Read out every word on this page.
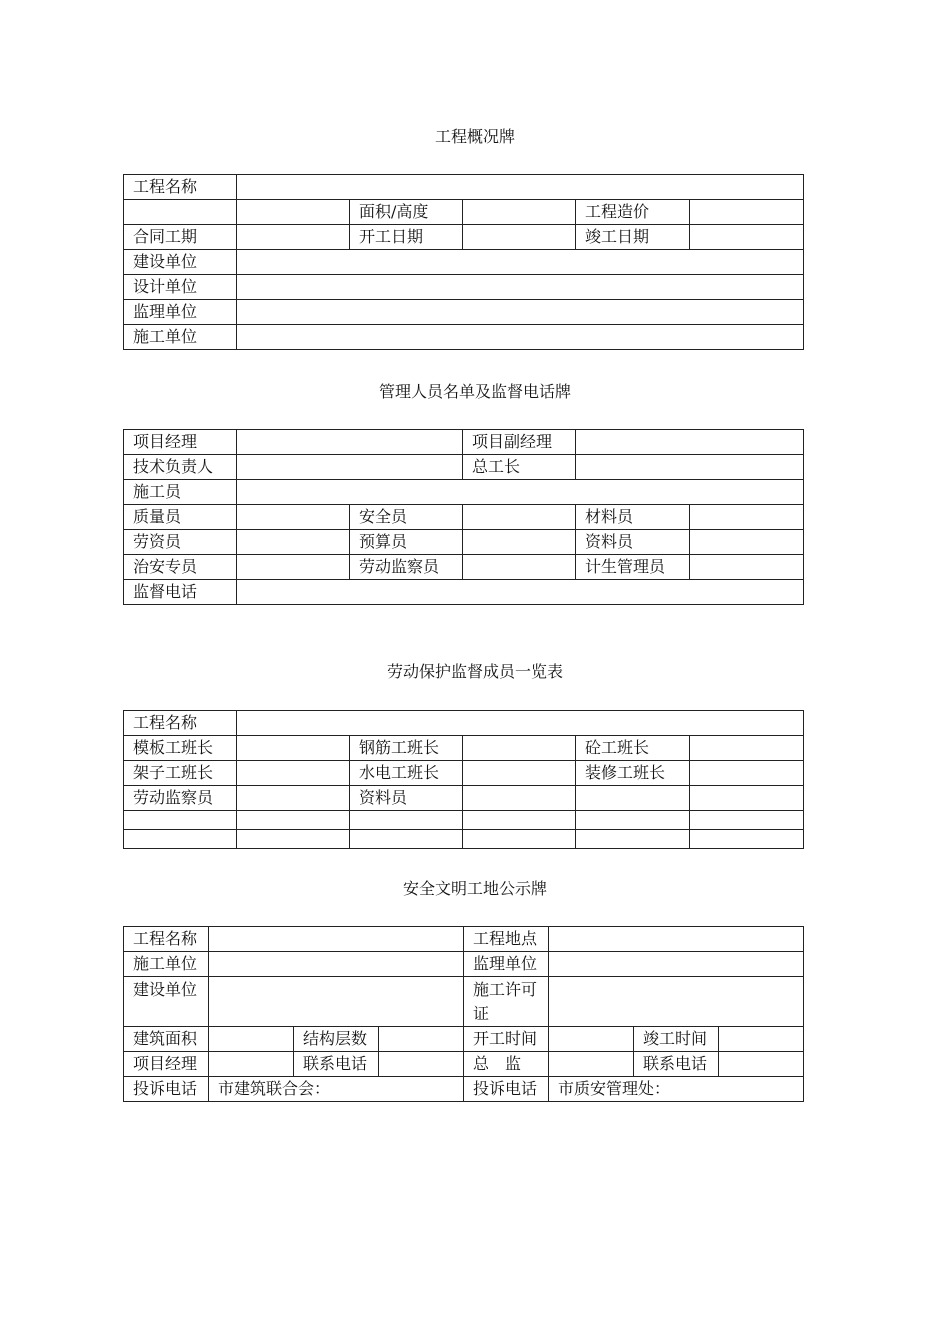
工程概况牌
工程名称					
		面积/高度		工程造价	
合同工期		开工日期		竣工日期	
建设单位					
设计单位					
监理单位					
施工单位					
管理人员名单及监督电话牌
项目经理			项目副经理		
技术负责人			总工长		
施工员					
质量员		安全员		材料员	
劳资员		预算员		资料员	
治安专员		劳动监察员		计生管理员	
监督电话					
劳动保护监督成员一览表
工程名称					
模板工班长		钢筋工班长		砼工班长	
架子工班长		水电工班长		装修工班长	
劳动监察员		资料员			

安全文明工地公示牌
工程名称				工程地点			
施工单位				监理单位			
建设单位				施工许可证			
建筑面积		结构层数		开工时间		竣工时间	
项目经理		联系电话		总　监		联系电话	
投诉电话	市建筑联合会：			投诉电话	市质安管理处：		
